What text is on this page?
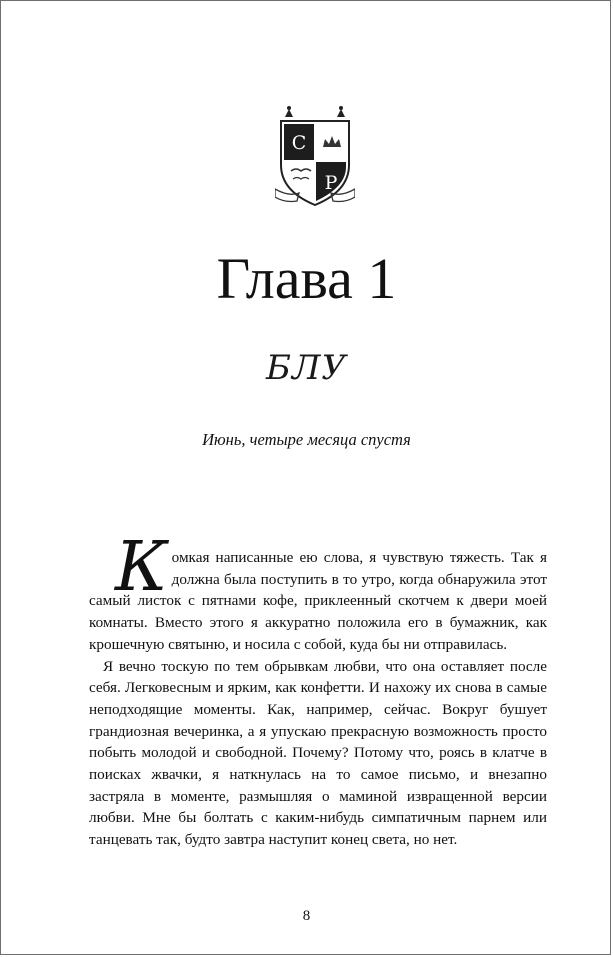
C
P
Глава 1
БЛУ
Июнь, четыре месяца спустя

Комкая написанные ею слова, я чувствую тяжесть. Так я должна была поступить в то утро, когда обнаружила этот самый листок с пятнами кофе, приклеенный скотчем к двери моей комнаты. Вместо этого я аккуратно положила его в бумажник, как крошечную святыню, и носила с собой, куда бы ни отправилась.

Я вечно тоскую по тем обрывкам любви, что она оставляет после себя. Легковесным и ярким, как конфетти. И нахожу их снова в самые неподходящие моменты. Как, например, сейчас. Вокруг бушует грандиозная вечеринка, а я упускаю прекрасную возможность просто побыть молодой и свободной. Почему? Потому что, роясь в клатче в поисках жвачки, я наткнулась на то самое письмо, и внезапно застряла в моменте, размышляя о маминой извращенной версии любви. Мне бы болтать с каким-нибудь симпатичным парнем или танцевать так, будто завтра наступит конец света, но нет.

8
